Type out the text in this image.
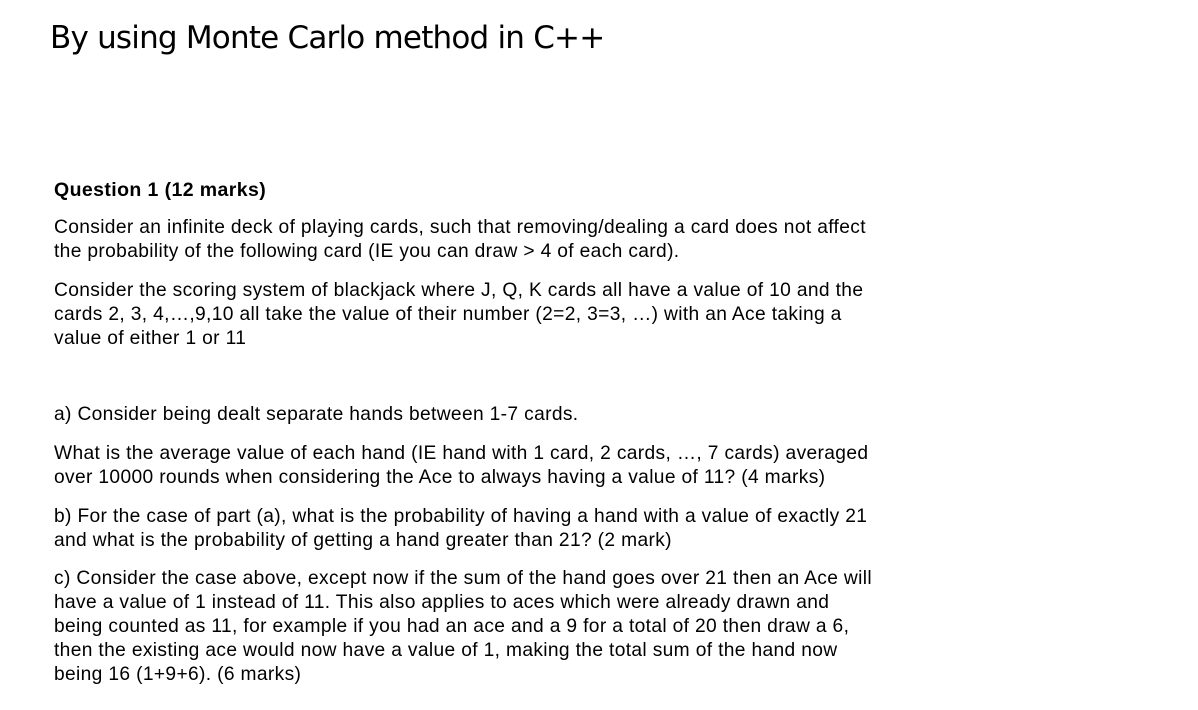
By using Monte Carlo method in C++
Question 1 (12 marks)
Consider an infinite deck of playing cards, such that removing/dealing a card does not affect
the probability of the following card (IE you can draw > 4 of each card).
Consider the scoring system of blackjack where J, Q, K cards all have a value of 10 and the
cards 2, 3, 4,…,9,10 all take the value of their number (2=2, 3=3, …) with an Ace taking a
value of either 1 or 11
a) Consider being dealt separate hands between 1-7 cards.
What is the average value of each hand (IE hand with 1 card, 2 cards, …, 7 cards) averaged
over 10000 rounds when considering the Ace to always having a value of 11? (4 marks)
b) For the case of part (a), what is the probability of having a hand with a value of exactly 21
and what is the probability of getting a hand greater than 21? (2 mark)
c) Consider the case above, except now if the sum of the hand goes over 21 then an Ace will
have a value of 1 instead of 11. This also applies to aces which were already drawn and
being counted as 11, for example if you had an ace and a 9 for a total of 20 then draw a 6,
then the existing ace would now have a value of 1, making the total sum of the hand now
being 16 (1+9+6). (6 marks)
